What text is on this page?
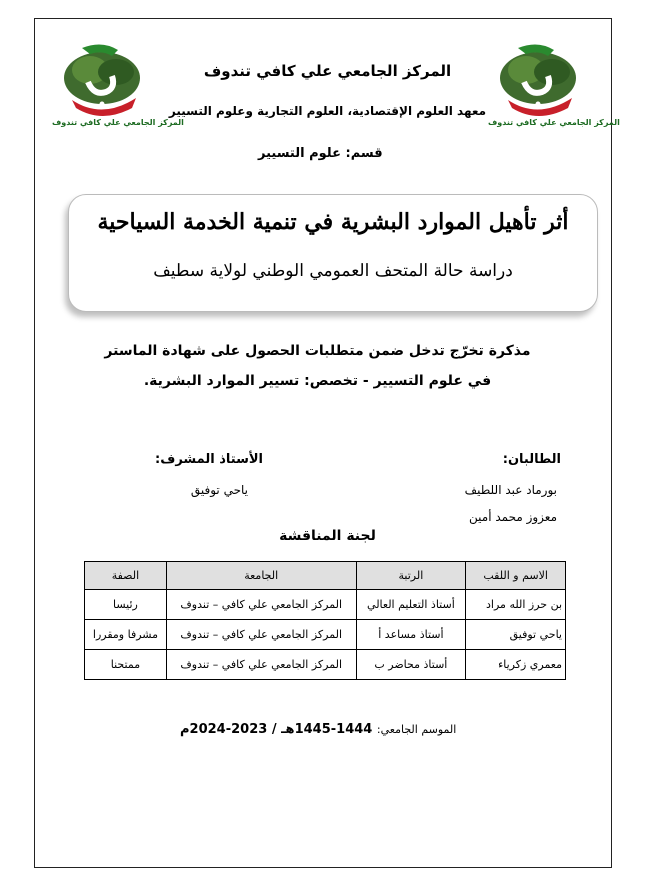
المركز الجامعي علي كافي تندوف
المركز الجامعي علي كافي تندوف
المركز الجامعي علي كافي تندوف
معهد العلوم الإقتصادية، العلوم التجارية وعلوم التسيير
قسم: علوم التسيير
أثر تأهيل الموارد البشرية في تنمية الخدمة السياحية
دراسة حالة المتحف العمومي الوطني لولاية سطيف
مذكرة تخرّج تدخل ضمن متطلبات الحصول على شهادة الماستر
في علوم التسيير - تخصص: تسيير الموارد البشرية.
الطالبان:
بورماد عبد اللطيف
معزوز محمد أمين
الأستاذ المشرف:
ياحي توفيق
لجنة المناقشة
الاسم و اللقب	الرتبة	الجامعة	الصفة
بن حرز الله مراد	أستاذ التعليم العالي	المركز الجامعي علي كافي – تندوف	رئيسا
ياحي توفيق	أستاذ مساعد أ	المركز الجامعي علي كافي – تندوف	مشرفا ومقررا
معمري زكرياء	أستاذ محاضر ب	المركز الجامعي علي كافي – تندوف	ممتحنا
الموسم الجامعي: 1444-1445هـ / 2023-2024م
